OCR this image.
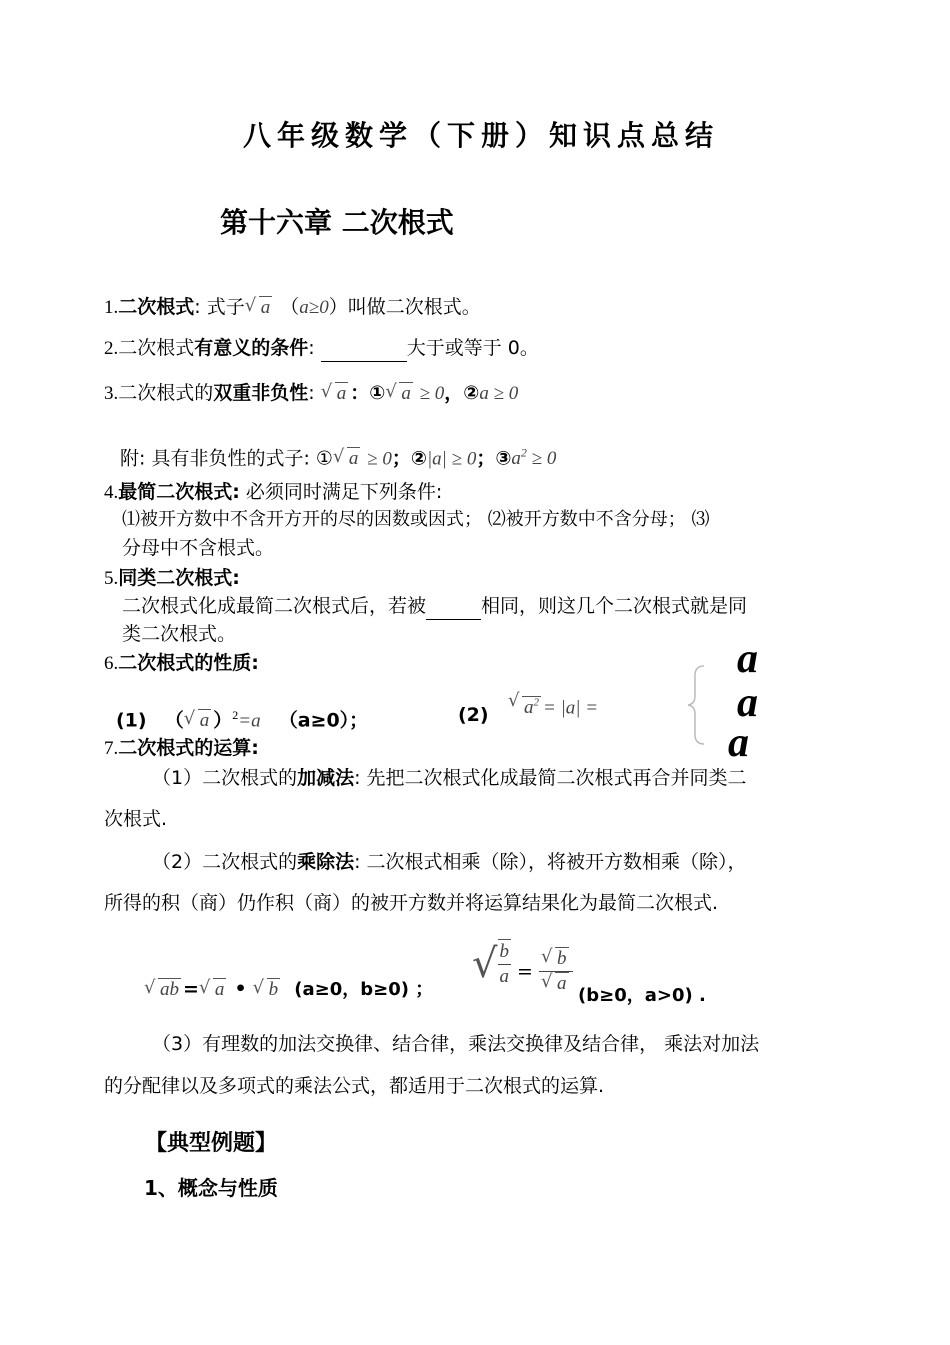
八年级数学（下册）知识点总结
第十六章 二次根式
1.二次根式: 式子 √ a （a≥0）叫做二次根式。
2.二次根式有意义的条件:	大于或等于 0。
3.二次根式的双重非负性: √ a ：① √ a ≥ 0，②a ≥ 0
附: 具有非负性的式子: ① √ a ≥ 0；②|a| ≥ 0；$③a^2 \ge 0$
4.最简二次根式: 必须同时满足下列条件:
⑴被开方数中不含开方开的尽的因数或因式； ⑵被开方数中不含分母； ⑶
分母中不含根式。
5.同类二次根式:
二次根式化成最简二次根式后，若被	相同，则这几个二次根式就是同
类二次根式。
6.二次根式的性质:
(1) （ √ a ）$^2$=a （a≥0）；	(2)
√ $a^2 = |a|$ =
a
a
a
7.二次根式的运算:
（1）二次根式的加减法: 先把二次根式化成最简二次根式再合并同类二
次根式.
（2）二次根式的乘除法: 二次根式相乘（除），将被开方数相乘（除），
所得的积（商）仍作积（商）的被开方数并将运算结果化为最简二次根式.
√ ab = √ a • √ b (a≥0，b≥0) ；
√ $\frac{b}{a} = \frac{√ b}{√ a} (b\ge 0$，a>0) .
（3）有理数的加法交换律、结合律，乘法交换律及结合律， 乘法对加法
的分配律以及多项式的乘法公式，都适用于二次根式的运算.
【典型例题】
1、概念与性质
